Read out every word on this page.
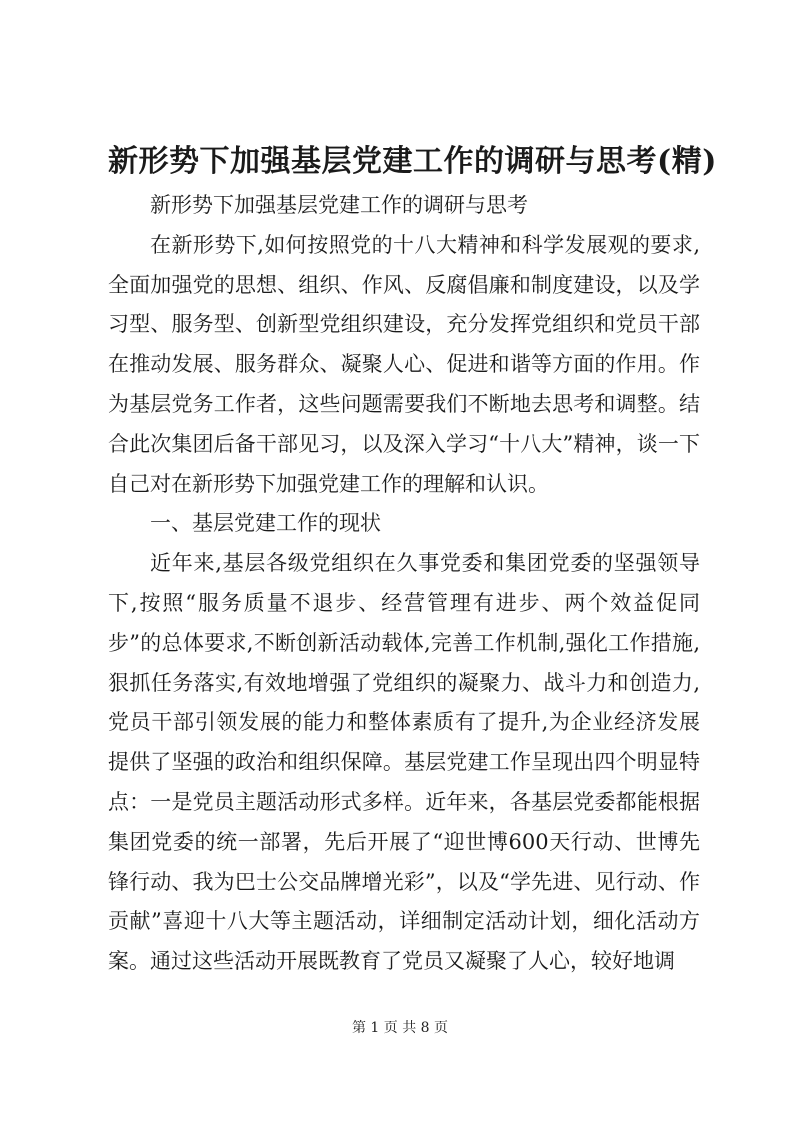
新形势下加强基层党建工作的调研与思考(精)

新形势下加强基层党建工作的调研与思考

在新形势下,如何按照党的十八大精神和科学发展观的要求,全面加强党的思想、组织、作风、反腐倡廉和制度建设，以及学习型、服务型、创新型党组织建设，充分发挥党组织和党员干部在推动发展、服务群众、凝聚人心、促进和谐等方面的作用。作为基层党务工作者，这些问题需要我们不断地去思考和调整。结合此次集团后备干部见习，以及深入学习“十八大”精神，谈一下自己对在新形势下加强党建工作的理解和认识。

一、基层党建工作的现状

近年来,基层各级党组织在久事党委和集团党委的坚强领导下,按照“服务质量不退步、经营管理有进步、两个效益促同步”的总体要求,不断创新活动载体,完善工作机制,强化工作措施,狠抓任务落实,有效地增强了党组织的凝聚力、战斗力和创造力,党员干部引领发展的能力和整体素质有了提升,为企业经济发展提供了坚强的政治和组织保障。基层党建工作呈现出四个明显特点：一是党员主题活动形式多样。近年来，各基层党委都能根据集团党委的统一部署，先后开展了“迎世博600天行动、世博先锋行动、我为巴士公交品牌增光彩”，以及“学先进、见行动、作贡献”喜迎十八大等主题活动，详细制定活动计划，细化活动方案。通过这些活动开展既教育了党员又凝聚了人心，较好地调

第 1 页 共 8 页
